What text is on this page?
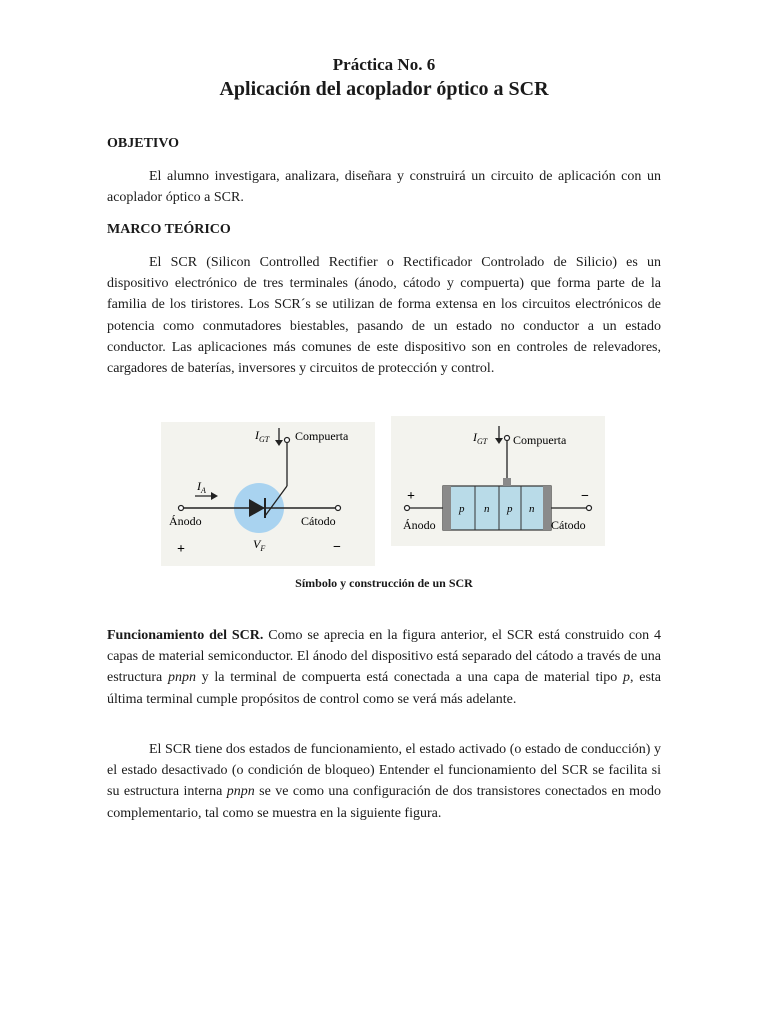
Práctica No. 6
Aplicación del acoplador óptico a SCR
OBJETIVO

El alumno investigara, analizara, diseñara y construirá un circuito de aplicación con un acoplador óptico a SCR.

MARCO TEÓRICO

El SCR (Silicon Controlled Rectifier o Rectificador Controlado de Silicio) es un dispositivo electrónico de tres terminales (ánodo, cátodo y compuerta) que forma parte de la familia de los tiristores. Los SCR´s se utilizan de forma extensa en los circuitos electrónicos de potencia como conmutadores biestables, pasando de un estado no conductor a un estado conductor. Las aplicaciones más comunes de este dispositivo son en controles de relevadores, cargadores de baterías, inversores y circuitos de protección y control.

$I_{GT}$ Compuerta
$I_A$
Ánodo	Cátodo
$V_F$
+	−
p n p n
$I_{GT}$ Compuerta
+	−
Ánodo	Cátodo
Símbolo y construcción de un SCR

Funcionamiento del SCR. Como se aprecia en la figura anterior, el SCR está construido con 4 capas de material semiconductor. El ánodo del dispositivo está separado del cátodo a través de una estructura pnpn y la terminal de compuerta está conectada a una capa de material tipo p, esta última terminal cumple propósitos de control como se verá más adelante.

El SCR tiene dos estados de funcionamiento, el estado activado (o estado de conducción) y el estado desactivado (o condición de bloqueo) Entender el funcionamiento del SCR se facilita si su estructura interna pnpn se ve como una configuración de dos transistores conectados en modo complementario, tal como se muestra en la siguiente figura.
